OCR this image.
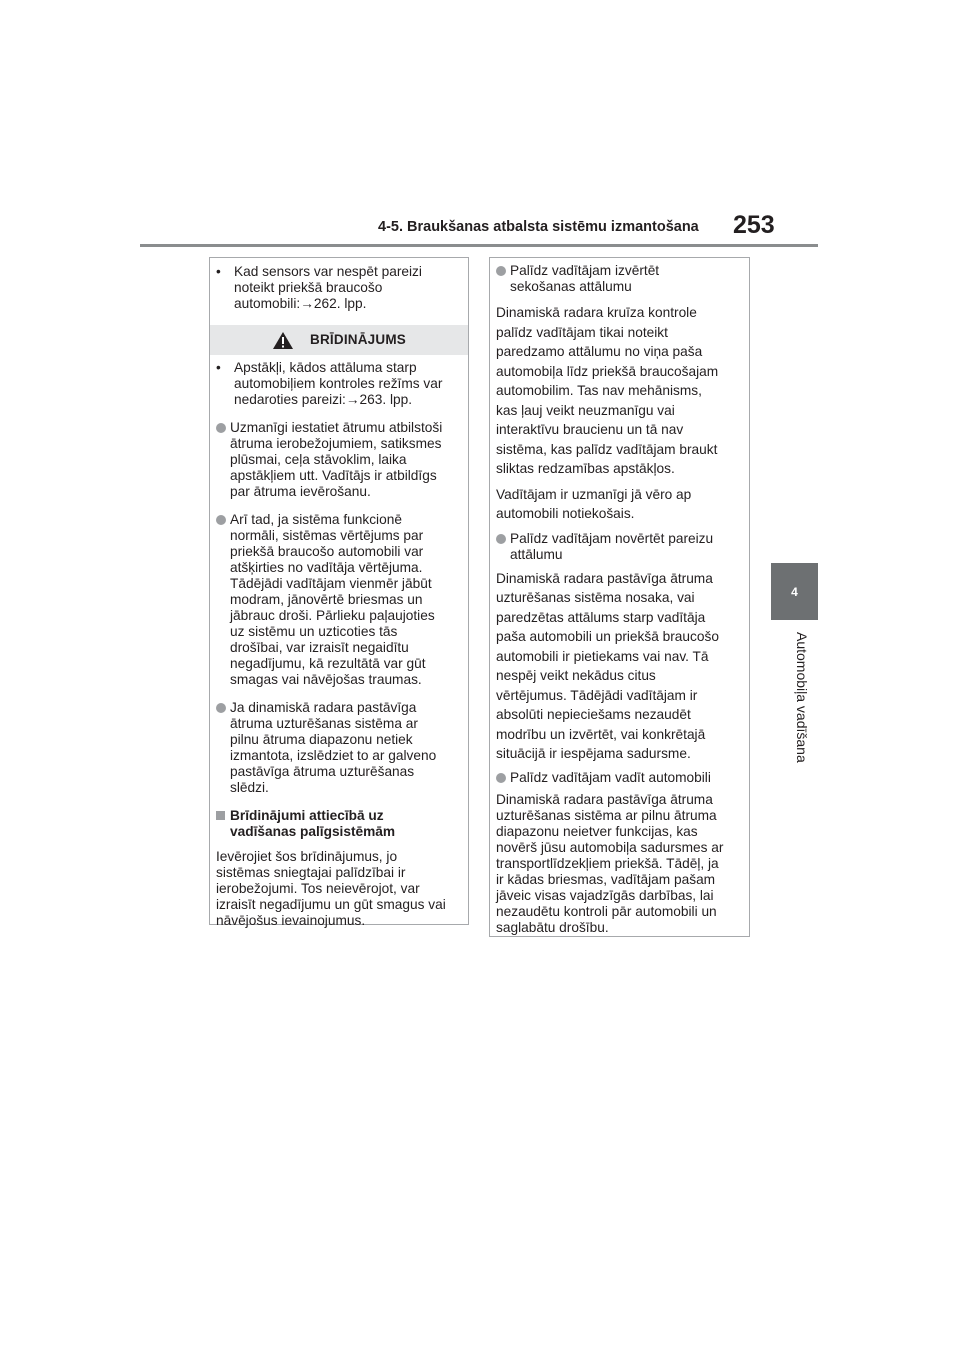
4-5. Braukšanas atbalsta sistēmu izmantošana 253
4
Automobiļa vadīšana
• Kad sensors var nespēt pareizi
noteikt priekšā braucošo
automobili:→262. lpp.
BRĪDINĀJUMS
• Apstākļi, kādos attāluma starp
automobiļiem kontroles režīms var
nedaroties pareizi:→263. lpp.
Uzmanīgi iestatiet ātrumu atbilstoši
ātruma ierobežojumiem, satiksmes
plūsmai, ceļa stāvoklim, laika
apstākļiem utt. Vadītājs ir atbildīgs
par ātruma ievērošanu.
Arī tad, ja sistēma funkcionē
normāli, sistēmas vērtējums par
priekšā braucošo automobili var
atšķirties no vadītāja vērtējuma.
Tādējādi vadītājam vienmēr jābūt
modram, jānovērtē briesmas un
jābrauc droši. Pārlieku paļaujoties
uz sistēmu un uzticoties tās
drošībai, var izraisīt negaidītu
negadījumu, kā rezultātā var gūt
smagas vai nāvējošas traumas.
Ja dinamiskā radara pastāvīga
ātruma uzturēšanas sistēma ar
pilnu ātruma diapazonu netiek
izmantota, izslēdziet to ar galveno
pastāvīga ātruma uzturēšanas
slēdzi.
Brīdinājumi attiecībā uz
vadīšanas palīgsistēmām
Ievērojiet šos brīdinājumus, jo
sistēmas sniegtajai palīdzībai ir
ierobežojumi. Tos neievērojot, var
izraisīt negadījumu un gūt smagus vai
nāvējošus ievainojumus.
Palīdz vadītājam izvērtēt
sekošanas attālumu
Dinamiskā radara kruīza kontrole
palīdz vadītājam tikai noteikt
paredzamo attālumu no viņa paša
automobiļa līdz priekšā braucošajam
automobilim. Tas nav mehānisms,
kas ļauj veikt neuzmanīgu vai
interaktīvu braucienu un tā nav
sistēma, kas palīdz vadītājam braukt
sliktas redzamības apstākļos.
Vadītājam ir uzmanīgi jā vēro ap
automobili notiekošais.
Palīdz vadītājam novērtēt pareizu
attālumu
Dinamiskā radara pastāvīga ātruma
uzturēšanas sistēma nosaka, vai
paredzētas attālums starp vadītāja
paša automobili un priekšā braucošo
automobili ir pietiekams vai nav. Tā
nespēj veikt nekādus citus
vērtējumus. Tādējādi vadītājam ir
absolūti nepieciešams nezaudēt
modrību un izvērtēt, vai konkrētajā
situācijā ir iespējama sadursme.
Palīdz vadītājam vadīt automobili
Dinamiskā radara pastāvīga ātruma
uzturēšanas sistēma ar pilnu ātruma
diapazonu neietver funkcijas, kas
novērš jūsu automobiļa sadursmes ar
transportlīdzekļiem priekšā. Tādēļ, ja
ir kādas briesmas, vadītājam pašam
jāveic visas vajadzīgās darbības, lai
nezaudētu kontroli pār automobili un
saglabātu drošību.
